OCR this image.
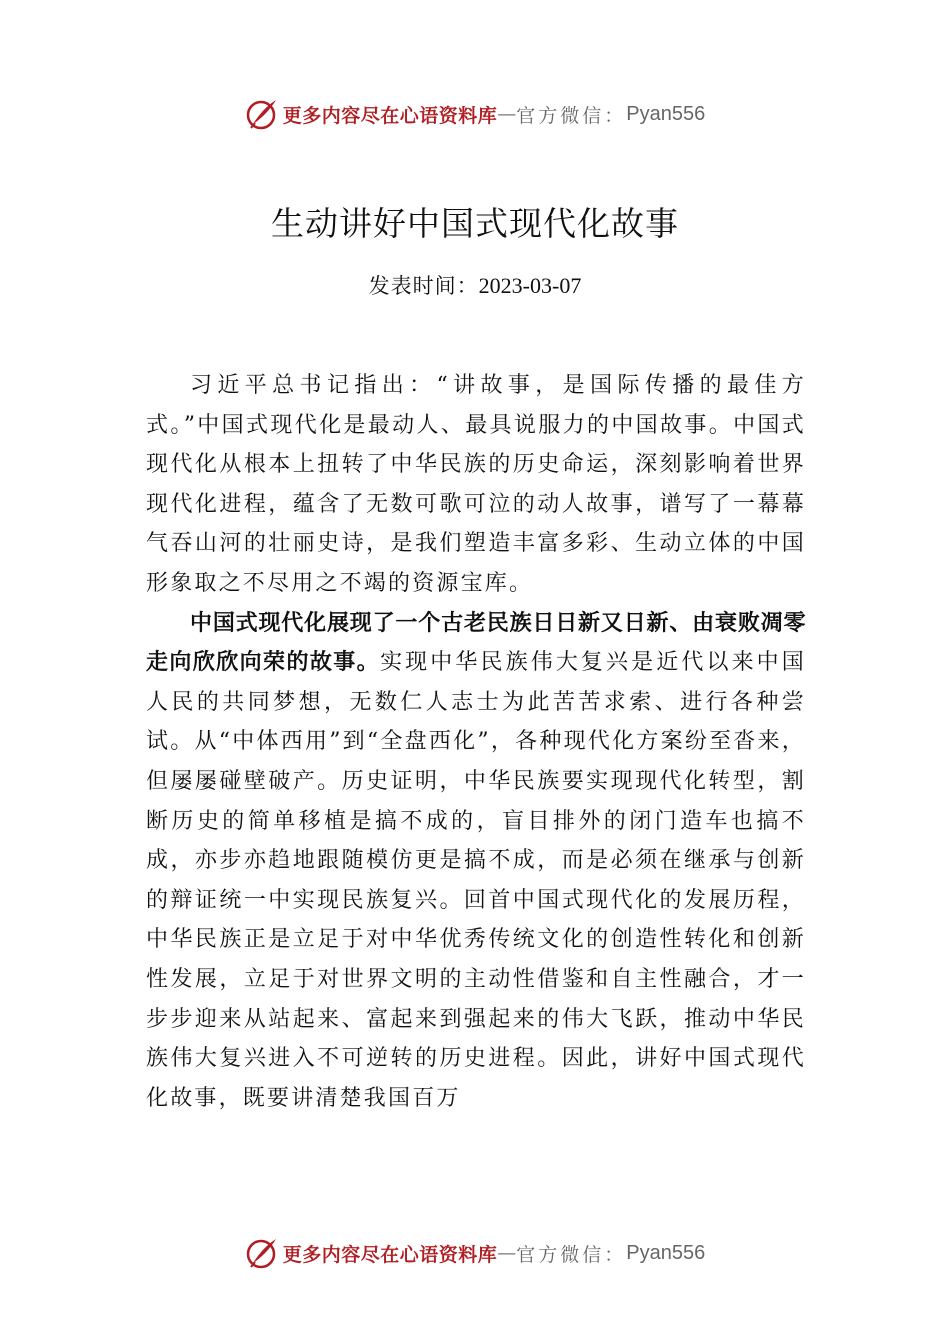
更多内容尽在心语资料库 — 官方微信： Pyan556
生动讲好中国式现代化故事
发表时间：2023-03-07

习近平总书记指出：“讲故事，是国际传播的最佳方式。”中国式现代化是最动人、最具说服力的中国故事。中国式现代化从根本上扭转了中华民族的历史命运，深刻影响着世界现代化进程，蕴含了无数可歌可泣的动人故事，谱写了一幕幕气吞山河的壮丽史诗，是我们塑造丰富多彩、生动立体的中国形象取之不尽用之不竭的资源宝库。

中国式现代化展现了一个古老民族日日新又日新、由衰败凋零走向欣欣向荣的故事。实现中华民族伟大复兴是近代以来中国人民的共同梦想，无数仁人志士为此苦苦求索、进行各种尝试。从“中体西用”到“全盘西化”，各种现代化方案纷至沓来，但屡屡碰壁破产。历史证明，中华民族要实现现代化转型，割断历史的简单移植是搞不成的，盲目排外的闭门造车也搞不成，亦步亦趋地跟随模仿更是搞不成，而是必须在继承与创新的辩证统一中实现民族复兴。回首中国式现代化的发展历程，中华民族正是立足于对中华优秀传统文化的创造性转化和创新性发展，立足于对世界文明的主动性借鉴和自主性融合，才一步步迎来从站起来、富起来到强起来的伟大飞跃，推动中华民族伟大复兴进入不可逆转的历史进程。因此，讲好中国式现代化故事，既要讲清楚我国百万

更多内容尽在心语资料库 — 官方微信： Pyan556
